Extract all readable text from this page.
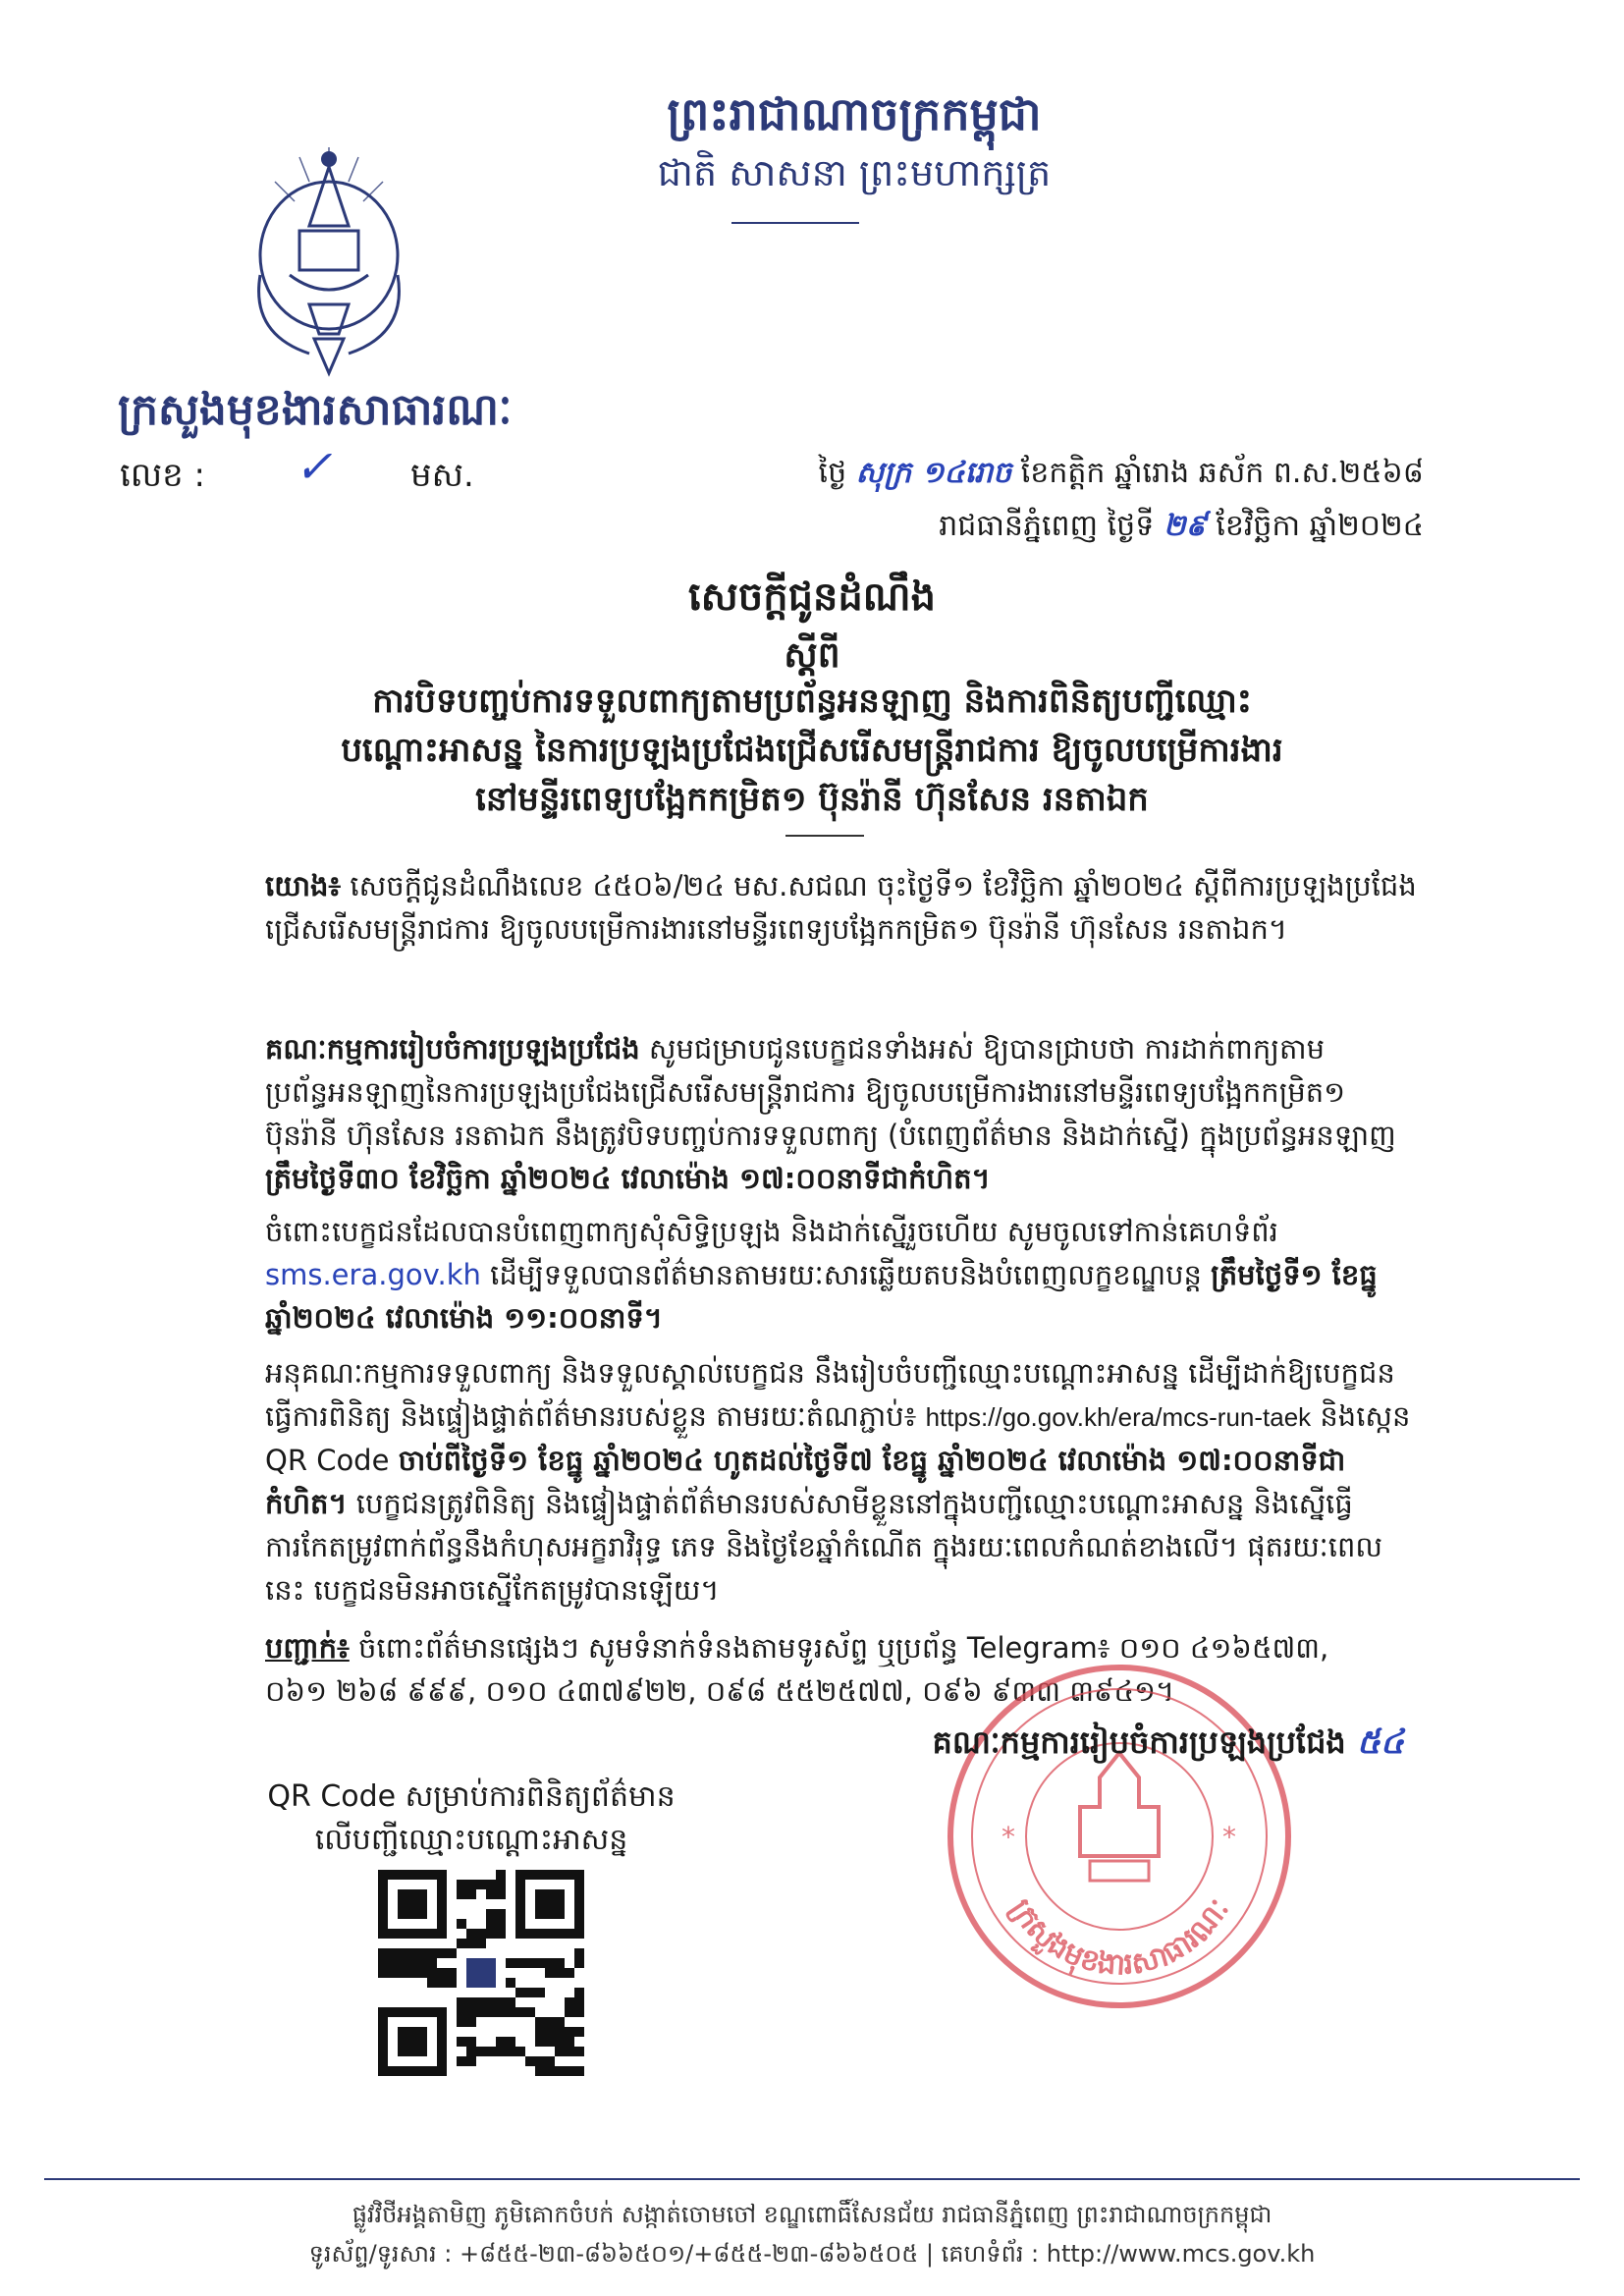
ព្រះរាជាណាចក្រកម្ពុជា
ជាតិ សាសនា ព្រះមហាក្សត្រ
ក្រសួងមុខងារសាធារណៈ
លេខ : ✓ មស.	ថ្ងៃ សុក្រ ១៤រោច ខែកត្តិក ឆ្នាំរោង ឆស័ក ព.ស.២៥៦៨
រាជធានីភ្នំពេញ ថ្ងៃទី ២៩ ខែវិច្ឆិកា ឆ្នាំ២០២៤
សេចក្តីជូនដំណឹង
ស្តីពី
ការបិទបញ្ចប់ការទទួលពាក្យតាមប្រព័ន្ធអនឡាញ និងការពិនិត្យបញ្ជីឈ្មោះ
បណ្តោះអាសន្ន នៃការប្រឡងប្រជែងជ្រើសរើសមន្ត្រីរាជការ ឱ្យចូលបម្រើការងារ
នៅមន្ទីរពេទ្យបង្អែកកម្រិត១ ប៊ុនរ៉ានី ហ៊ុនសែន រនតាឯក
យោង៖ សេចក្តីជូនដំណឹងលេខ ៤៥០៦/២៤ មស.សជណ ចុះថ្ងៃទី១ ខែវិច្ឆិកា ឆ្នាំ២០២៤ ស្តីពីការប្រឡងប្រជែងជ្រើសរើសមន្ត្រីរាជការ ឱ្យចូលបម្រើការងារនៅមន្ទីរពេទ្យបង្អែកកម្រិត១ ប៊ុនរ៉ានី ហ៊ុនសែន រនតាឯក។
គណៈកម្មការរៀបចំការប្រឡងប្រជែង សូមជម្រាបជូនបេក្ខជនទាំងអស់ ឱ្យបានជ្រាបថា ការដាក់ពាក្យតាមប្រព័ន្ធអនឡាញនៃការប្រឡងប្រជែងជ្រើសរើសមន្ត្រីរាជការ ឱ្យចូលបម្រើការងារនៅមន្ទីរពេទ្យបង្អែកកម្រិត១ ប៊ុនរ៉ានី ហ៊ុនសែន រនតាឯក នឹងត្រូវបិទបញ្ចប់ការទទួលពាក្យ (បំពេញព័ត៌មាន និងដាក់ស្នើ) ក្នុងប្រព័ន្ធអនឡាញ ត្រឹមថ្ងៃទី៣០ ខែវិច្ឆិកា ឆ្នាំ២០២៤ វេលាម៉ោង ១៧:០០នាទីជាកំហិត។
ចំពោះបេក្ខជនដែលបានបំពេញពាក្យសុំសិទ្ធិប្រឡង និងដាក់ស្នើរួចហើយ សូមចូលទៅកាន់គេហទំព័រ sms.era.gov.kh ដើម្បីទទួលបានព័ត៌មានតាមរយៈសារឆ្លើយតបនិងបំពេញលក្ខខណ្ឌបន្ត ត្រឹមថ្ងៃទី១ ខែធ្នូ ឆ្នាំ២០២៤ វេលាម៉ោង ១១:០០នាទី។
អនុគណៈកម្មការទទួលពាក្យ និងទទួលស្គាល់បេក្ខជន នឹងរៀបចំបញ្ជីឈ្មោះបណ្តោះអាសន្ន ដើម្បីដាក់ឱ្យបេក្ខជន ធ្វើការពិនិត្យ និងផ្ទៀងផ្ទាត់ព័ត៌មានរបស់ខ្លួន តាមរយៈតំណភ្ជាប់៖ https://go.gov.kh/era/mcs-run-taek និងស្កេន QR Code ចាប់ពីថ្ងៃទី១ ខែធ្នូ ឆ្នាំ២០២៤ ហូតដល់ថ្ងៃទី៧ ខែធ្នូ ឆ្នាំ២០២៤ វេលាម៉ោង ១៧:០០នាទីជាកំហិត។ បេក្ខជនត្រូវពិនិត្យ និងផ្ទៀងផ្ទាត់ព័ត៌មានរបស់សាមីខ្លួននៅក្នុងបញ្ជីឈ្មោះបណ្តោះអាសន្ន និងស្នើធ្វើការកែតម្រូវពាក់ព័ន្ធនឹងកំហុសអក្ខរាវិរុទ្ធ ភេទ និងថ្ងៃខែឆ្នាំកំណើត ក្នុងរយៈពេលកំណត់ខាងលើ។ ផុតរយៈពេលនេះ បេក្ខជនមិនអាចស្នើកែតម្រូវបានឡើយ។
បញ្ជាក់៖ ចំពោះព័ត៌មានផ្សេងៗ សូមទំនាក់ទំនងតាមទូរស័ព្ទ ឬប្រព័ន្ធ Telegram៖ ០១០ ៤១៦៥៧៣,
០៦១ ២៦៨ ៩៩៩, ០១០ ៤៣៧៩២២, ០៩៨ ៥៥២៥៧៧, ០៩៦ ៩៣៣ ៣៩៤១។
*	*
ក្រសួងមុខងារសាធារណៈ
គណៈកម្មការរៀបចំការប្រឡងប្រជែង ៥៤
QR Code សម្រាប់ការពិនិត្យព័ត៌មាន
លើបញ្ជីឈ្មោះបណ្តោះអាសន្ន
ផ្លូវវិថីអង្គតាមិញ ភូមិគោកចំបក់ សង្កាត់ចោមចៅ ខណ្ឌពោធិ៍សែនជ័យ រាជធានីភ្នំពេញ ព្រះរាជាណាចក្រកម្ពុជា
ទូរស័ព្ទ/ទូរសារ : +៨៥៥-២៣-៨៦៦៥០១/+៨៥៥-២៣-៨៦៦៥០៥ | គេហទំព័រ : http://www.mcs.gov.kh
